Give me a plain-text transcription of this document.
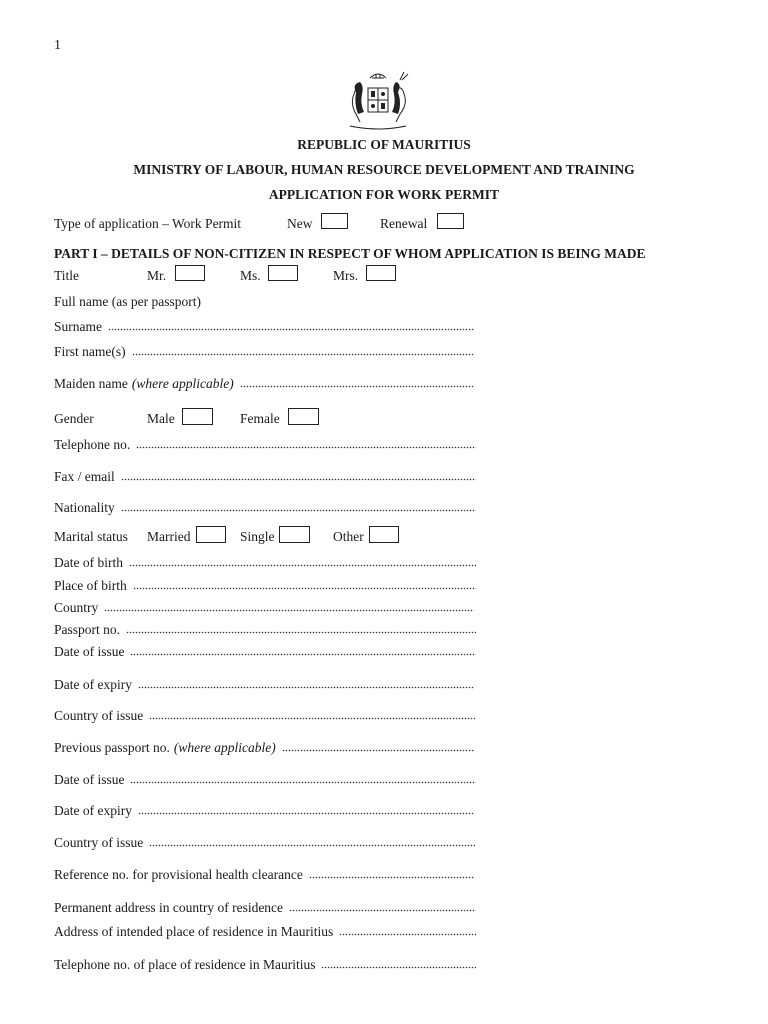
1
REPUBLIC OF MAURITIUS
MINISTRY OF LABOUR, HUMAN RESOURCE DEVELOPMENT AND TRAINING
APPLICATION FOR WORK PERMIT
Type of application – Work Permit	New	Renewal
PART I – DETAILS OF NON-CITIZEN IN RESPECT OF WHOM APPLICATION IS BEING MADE
Title	Mr.	Ms.	Mrs.
Full name (as per passport)
Surname
First name(s)
Maiden name (where applicable)
Gender	Male	Female
Telephone no.
Fax / email
Nationality
Marital status Married	Single	Other
Date of birth
Place of birth
Country
Passport no.
Date of issue
Date of expiry
Country of issue
Previous passport no. (where applicable)
Date of issue
Date of expiry
Country of issue
Reference no. for provisional health clearance
Permanent address in country of residence
Address of intended place of residence in Mauritius
Telephone no. of place of residence in Mauritius
